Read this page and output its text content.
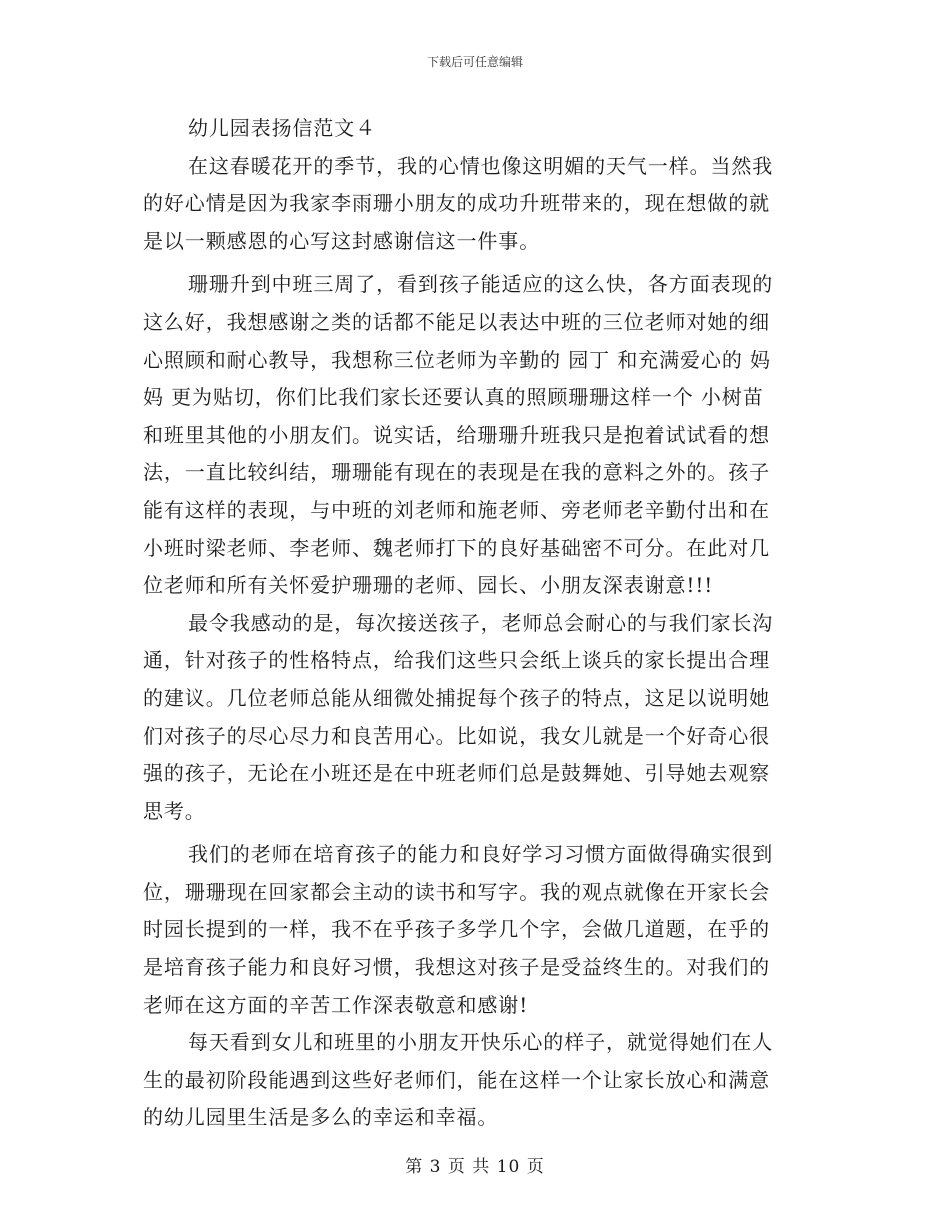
下载后可任意编辑
幼儿园表扬信范文４
在这春暖花开的季节，我的心情也像这明媚的天气一样。当然我
的好心情是因为我家李雨珊小朋友的成功升班带来的，现在想做的就
是以一颗感恩的心写这封感谢信这一件事。
珊珊升到中班三周了，看到孩子能适应的这么快，各方面表现的
这么好，我想感谢之类的话都不能足以表达中班的三位老师对她的细
心照顾和耐心教导，我想称三位老师为辛勤的 园丁 和充满爱心的 妈
妈 更为贴切，你们比我们家长还要认真的照顾珊珊这样一个 小树苗
和班里其他的小朋友们。说实话，给珊珊升班我只是抱着试试看的想
法，一直比较纠结，珊珊能有现在的表现是在我的意料之外的。孩子
能有这样的表现，与中班的刘老师和施老师、旁老师老辛勤付出和在
小班时梁老师、李老师、魏老师打下的良好基础密不可分。在此对几
位老师和所有关怀爱护珊珊的老师、园长、小朋友深表谢意!!!
最令我感动的是，每次接送孩子，老师总会耐心的与我们家长沟
通，针对孩子的性格特点，给我们这些只会纸上谈兵的家长提出合理
的建议。几位老师总能从细微处捕捉每个孩子的特点，这足以说明她
们对孩子的尽心尽力和良苦用心。比如说，我女儿就是一个好奇心很
强的孩子，无论在小班还是在中班老师们总是鼓舞她、引导她去观察
思考。
我们的老师在培育孩子的能力和良好学习习惯方面做得确实很到
位，珊珊现在回家都会主动的读书和写字。我的观点就像在开家长会
时园长提到的一样，我不在乎孩子多学几个字，会做几道题，在乎的
是培育孩子能力和良好习惯，我想这对孩子是受益终生的。对我们的
老师在这方面的辛苦工作深表敬意和感谢!
每天看到女儿和班里的小朋友开快乐心的样子，就觉得她们在人
生的最初阶段能遇到这些好老师们，能在这样一个让家长放心和满意
的幼儿园里生活是多么的幸运和幸福。
第 3 页 共 10 页
